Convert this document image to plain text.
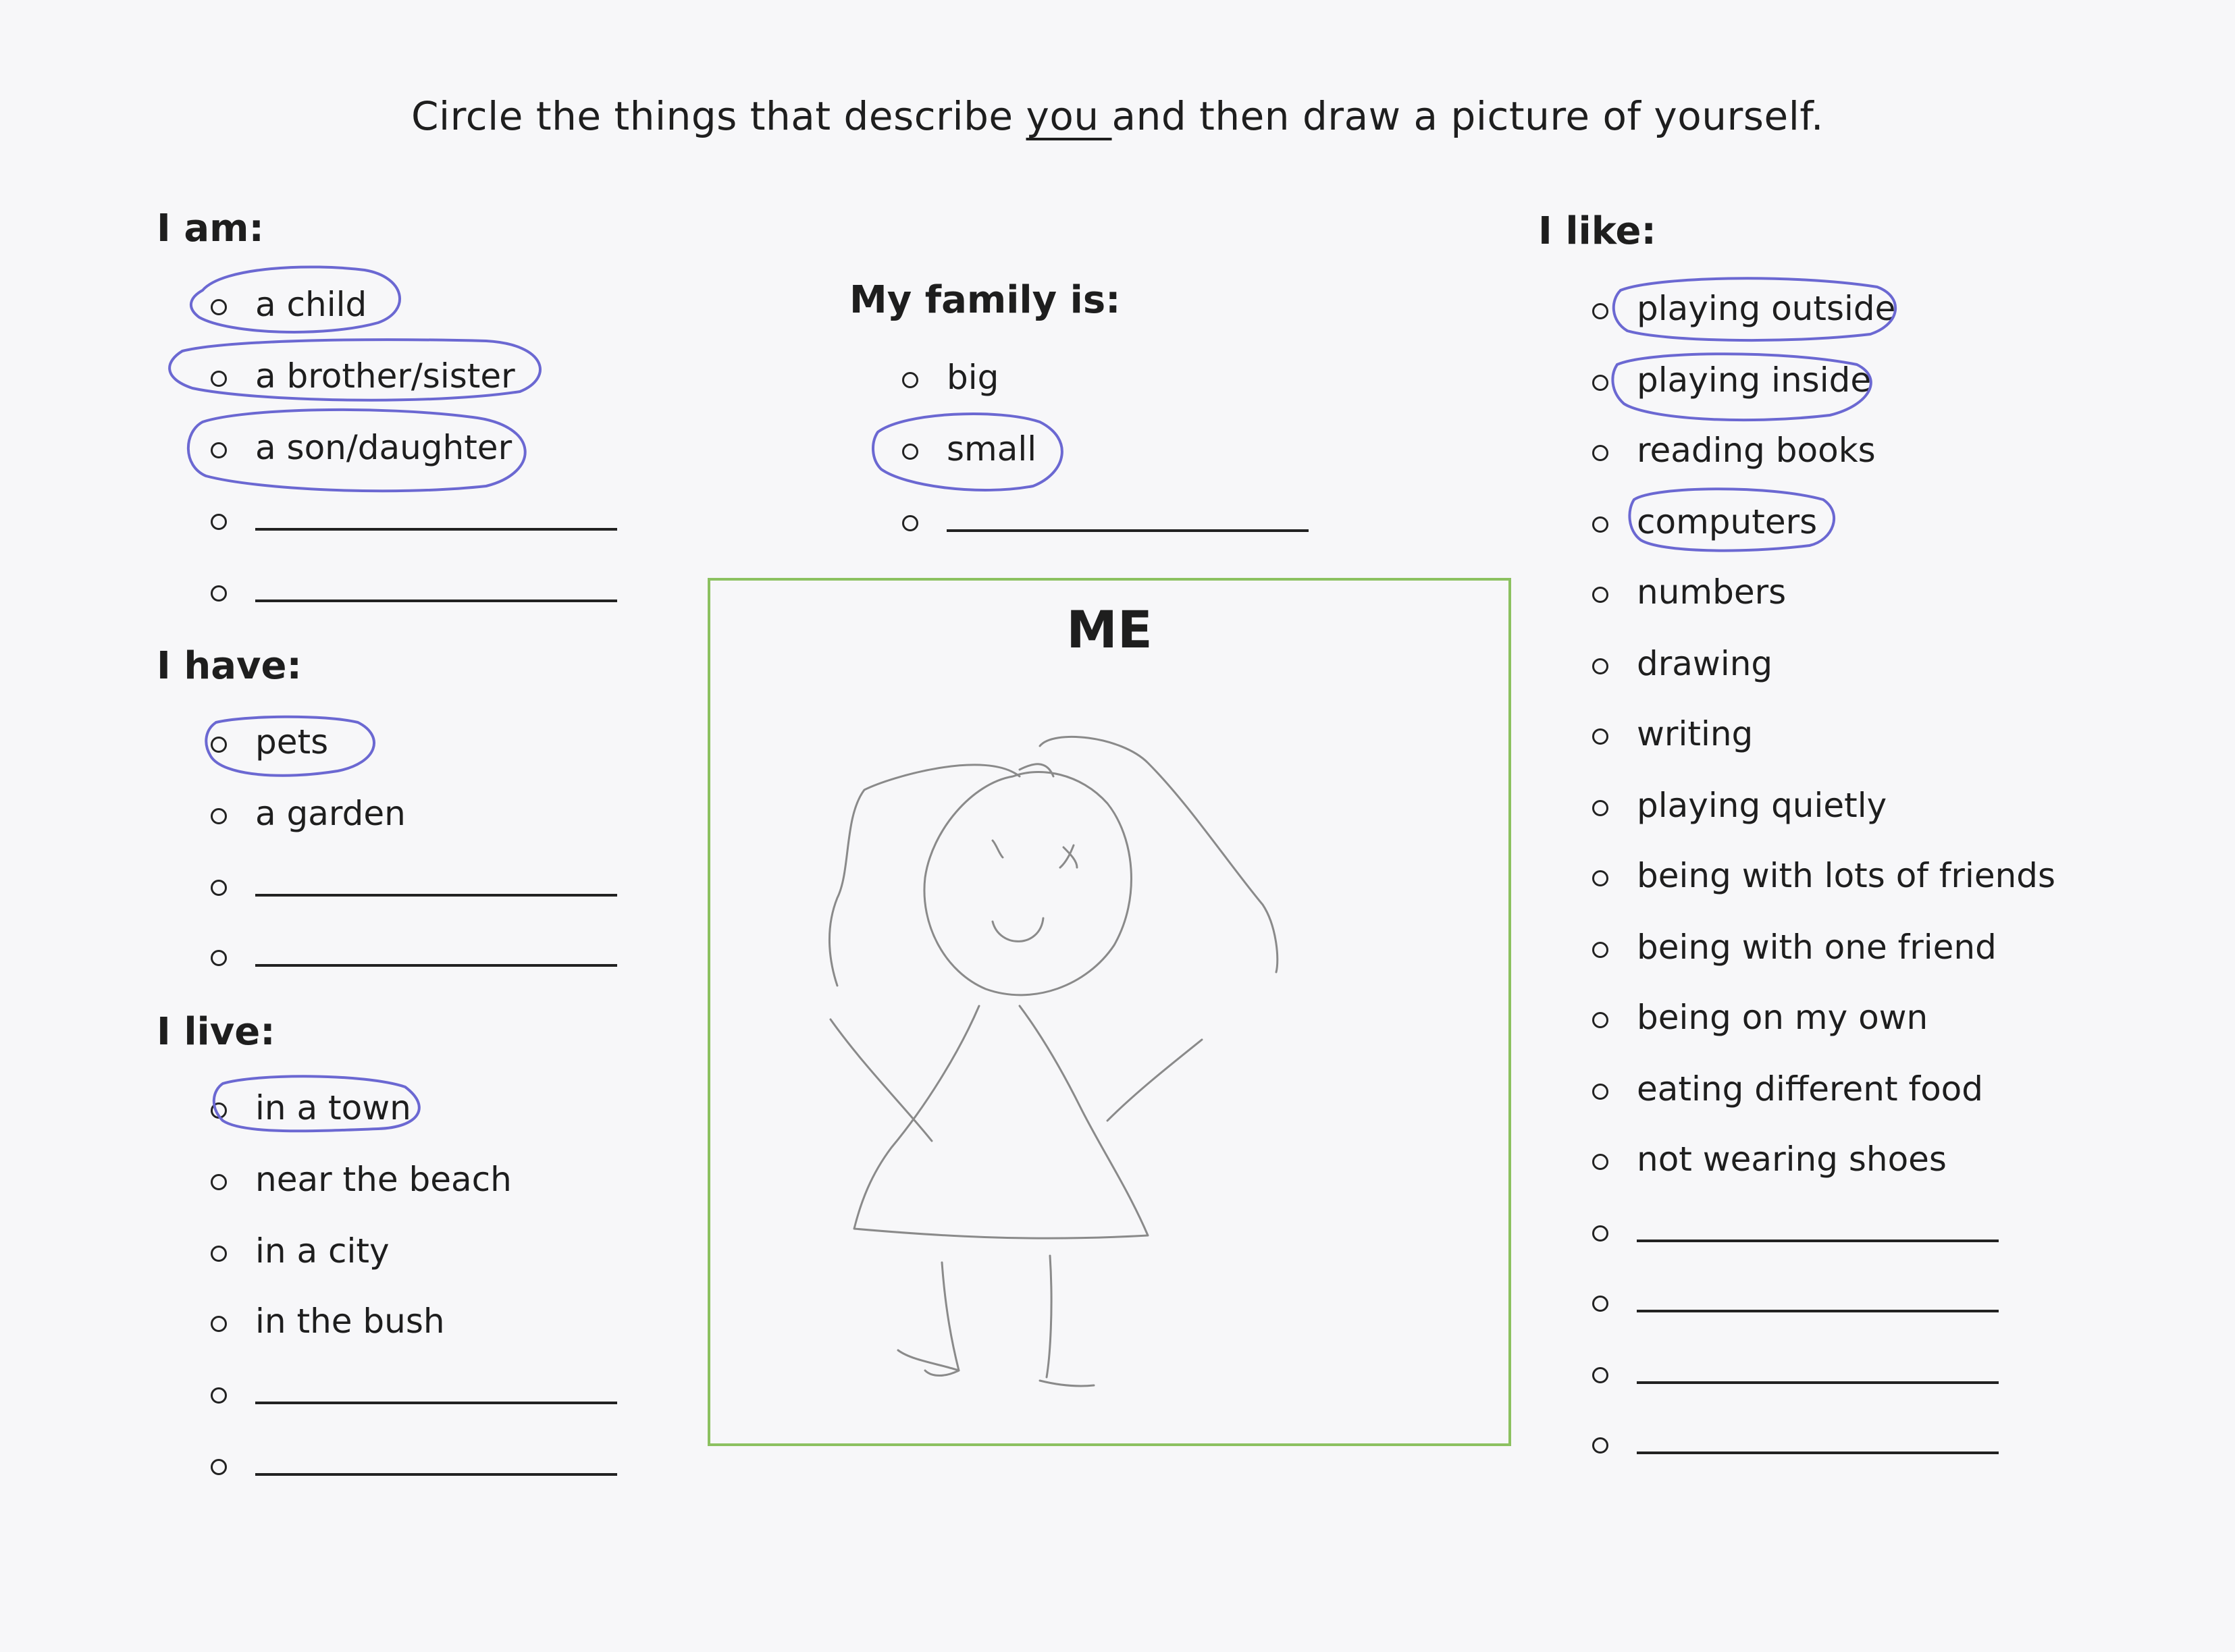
Circle the things that describe you and then draw a picture of yourself.
I am:
a child
a brother/sister
a son/daughter
I have:
pets
a garden
I live:
in a town
near the beach
in a city
in the bush
My family is:
big
small
I like:
playing outside
playing inside
reading books
computers
numbers
drawing
writing
playing quietly
being with lots of friends
being with one friend
being on my own
eating different food
not wearing shoes
ME
